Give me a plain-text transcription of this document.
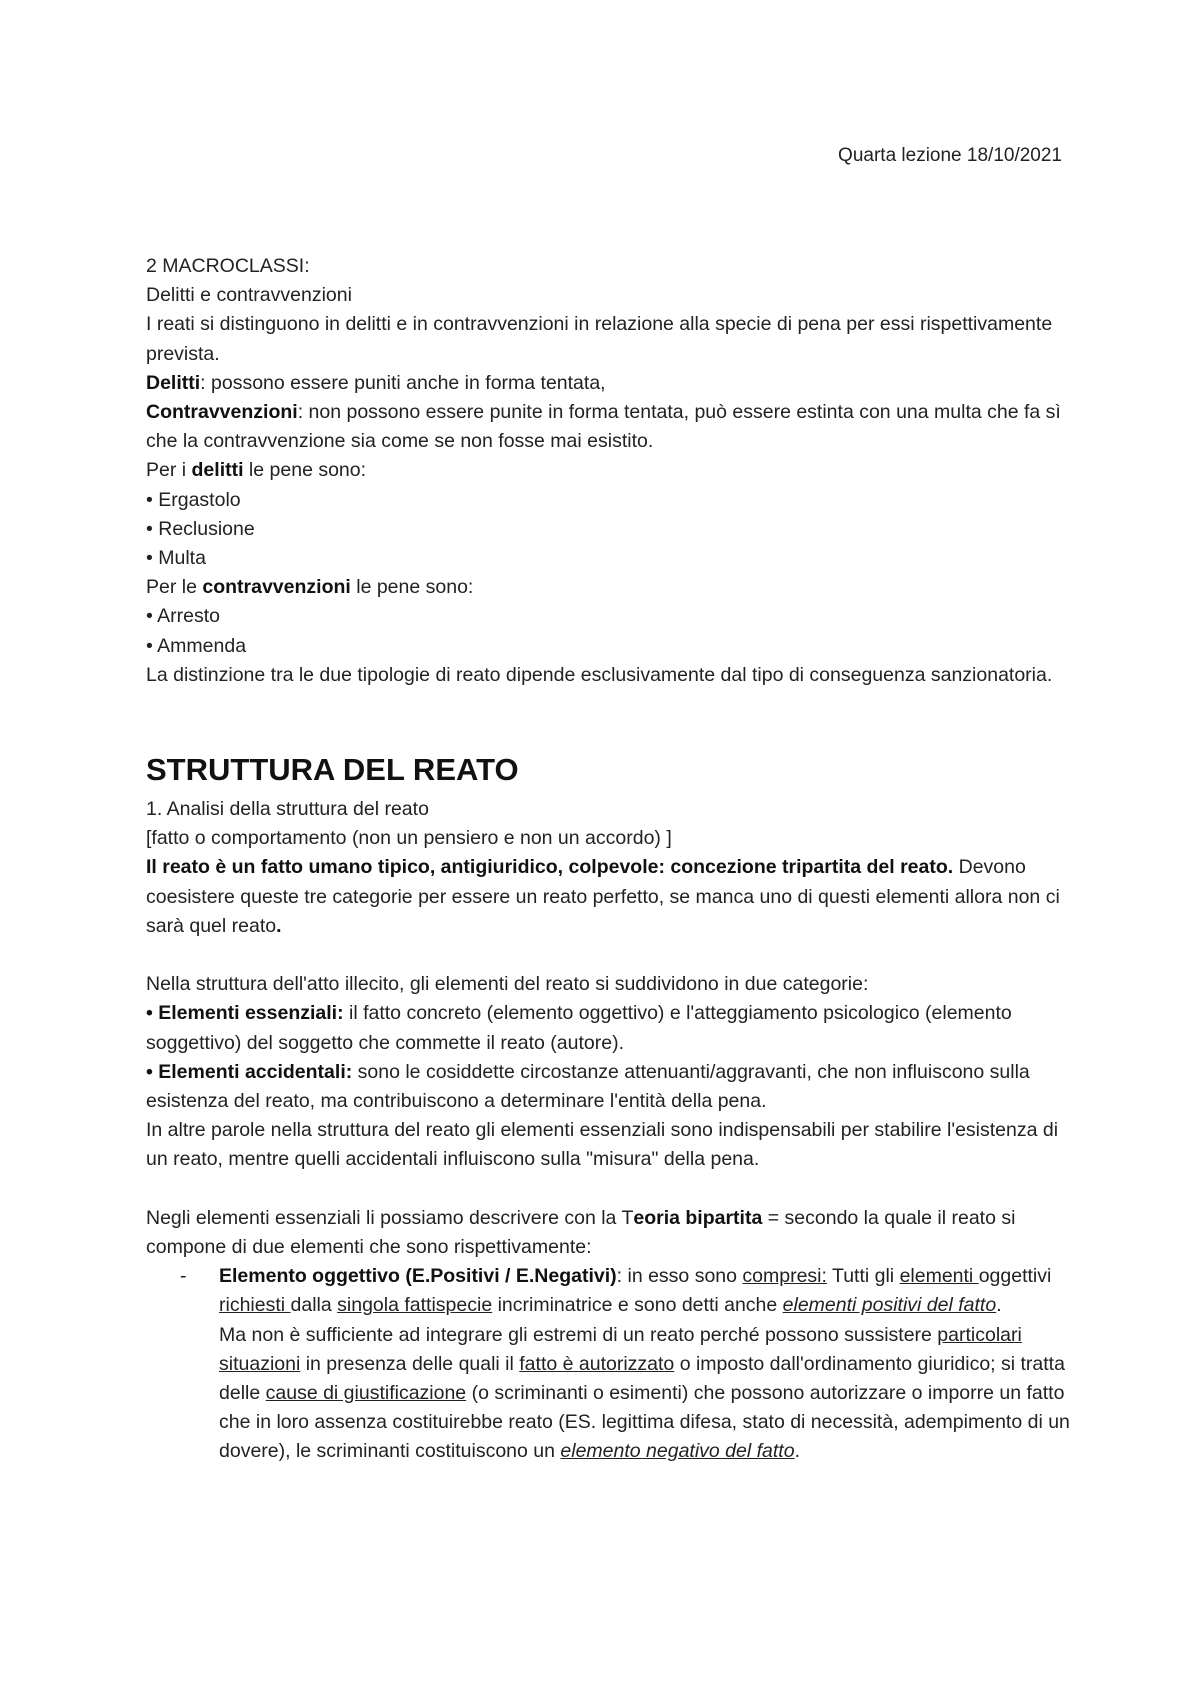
Quarta lezione 18/10/2021

2 MACROCLASSI:

Delitti e contravvenzioni

I reati si distinguono in delitti e in contravvenzioni in relazione alla specie di pena per essi rispettivamente prevista.

Delitti: possono essere puniti anche in forma tentata,

Contravvenzioni: non possono essere punite in forma tentata, può essere estinta con una multa che fa sì che la contravvenzione sia come se non fosse mai esistito.

Per i delitti le pene sono:

• Ergastolo

• Reclusione

• Multa

Per le contravvenzioni le pene sono:

• Arresto

• Ammenda

La distinzione tra le due tipologie di reato dipende esclusivamente dal tipo di conseguenza sanzionatoria.

STRUTTURA DEL REATO

1. Analisi della struttura del reato

[fatto o comportamento (non un pensiero e non un accordo) ]

Il reato è un fatto umano tipico, antigiuridico, colpevole: concezione tripartita del reato. Devono coesistere queste tre categorie per essere un reato perfetto, se manca uno di questi elementi allora non ci sarà quel reato.

Nella struttura dell'atto illecito, gli elementi del reato si suddividono in due categorie:

• Elementi essenziali: il fatto concreto (elemento oggettivo) e l'atteggiamento psicologico (elemento soggettivo) del soggetto che commette il reato (autore).

• Elementi accidentali: sono le cosiddette circostanze attenuanti/aggravanti, che non influiscono sulla esistenza del reato, ma contribuiscono a determinare l'entità della pena.

In altre parole nella struttura del reato gli elementi essenziali sono indispensabili per stabilire l'esistenza di un reato, mentre quelli accidentali influiscono sulla "misura" della pena.

Negli elementi essenziali li possiamo descrivere con la Teoria bipartita = secondo la quale il reato si compone di due elementi che sono rispettivamente:

- Elemento oggettivo (E.Positivi / E.Negativi): in esso sono compresi: Tutti gli elementi oggettivi richiesti dalla singola fattispecie incriminatrice e sono detti anche elementi positivi del fatto.

Ma non è sufficiente ad integrare gli estremi di un reato perché possono sussistere particolari situazioni in presenza delle quali il fatto è autorizzato o imposto dall'ordinamento giuridico; si tratta delle cause di giustificazione (o scriminanti o esimenti) che possono autorizzare o imporre un fatto che in loro assenza costituirebbe reato (ES. legittima difesa, stato di necessità, adempimento di un dovere), le scriminanti costituiscono un elemento negativo del fatto.
